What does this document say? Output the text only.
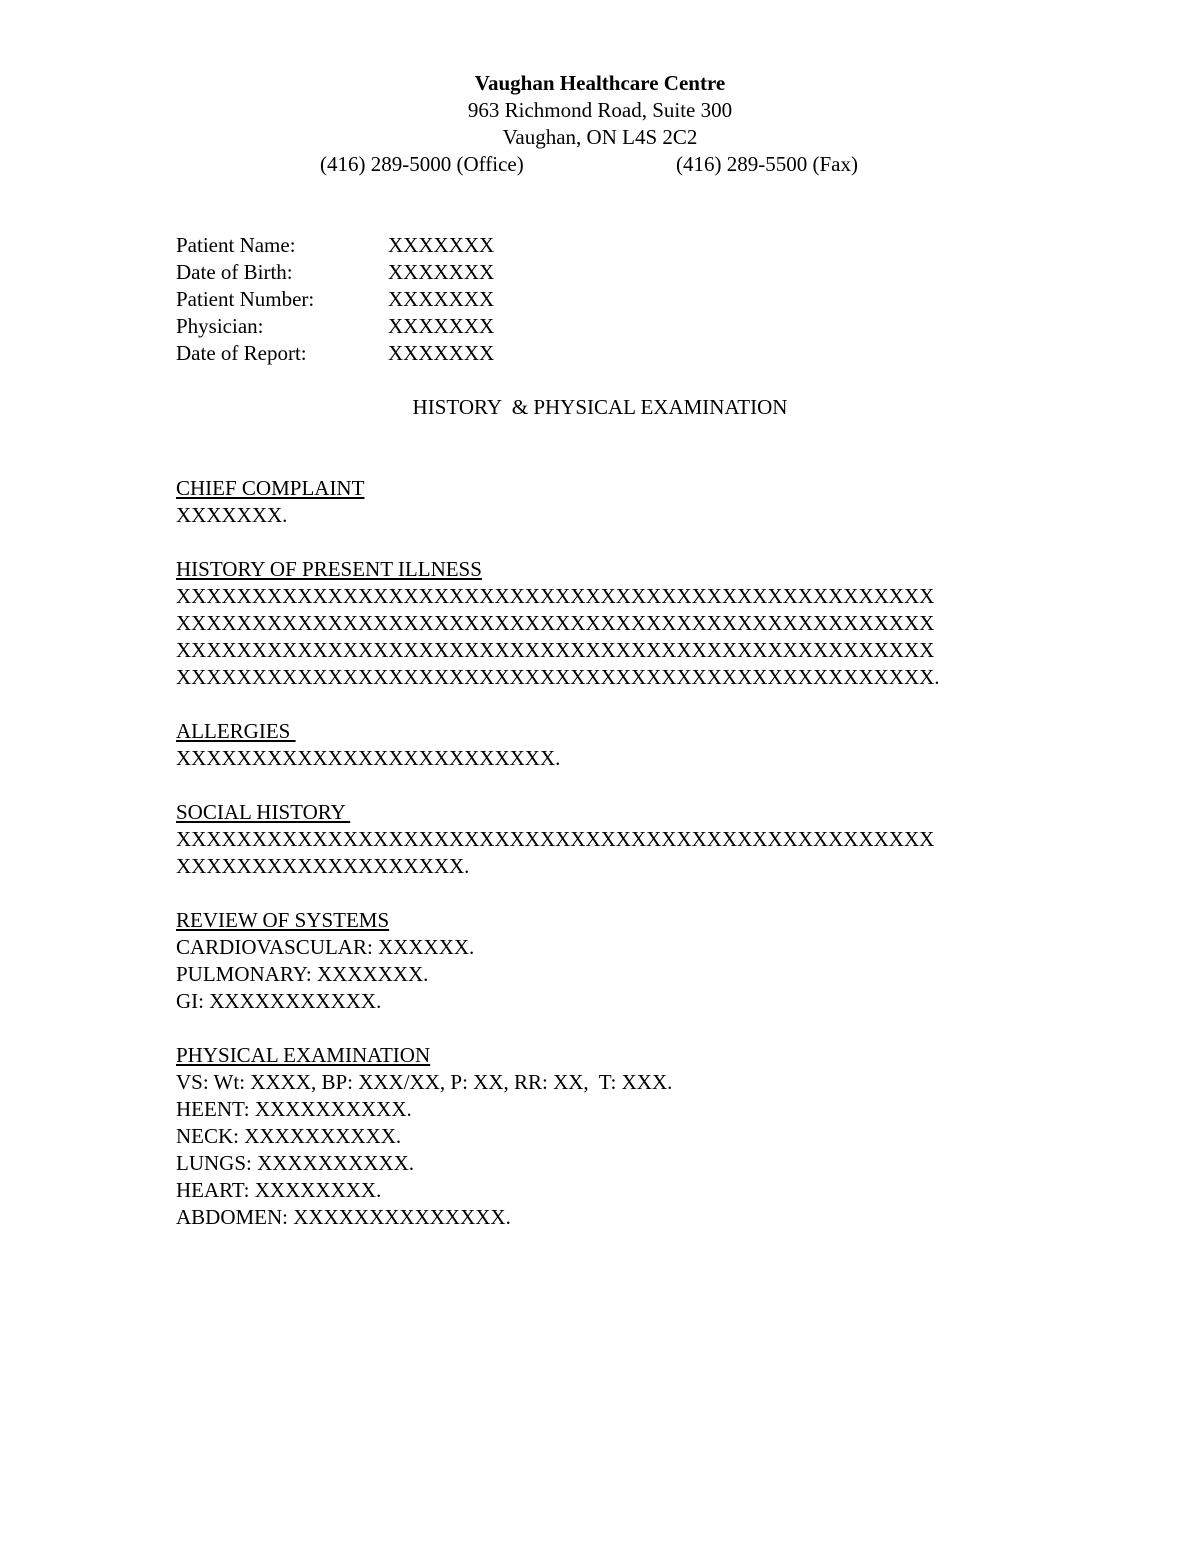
Vaughan Healthcare Centre
963 Richmond Road, Suite 300
Vaughan, ON L4S 2C2
(416) 289-5000 (Office)	(416) 289-5500 (Fax)

Patient Name:

	XXXXXXX

Date of Birth:

	XXXXXXX

Patient Number:

	XXXXXXX

Physician:

	XXXXXXX

Date of Report:

	XXXXXXX

HISTORY  & PHYSICAL EXAMINATION
CHIEF COMPLAINT
XXXXXXX.
HISTORY OF PRESENT ILLNESS
XXXXXXXXXXXXXXXXXXXXXXXXXXXXXXXXXXXXXXXXXXXXXXXXXX
XXXXXXXXXXXXXXXXXXXXXXXXXXXXXXXXXXXXXXXXXXXXXXXXXX
XXXXXXXXXXXXXXXXXXXXXXXXXXXXXXXXXXXXXXXXXXXXXXXXXX
XXXXXXXXXXXXXXXXXXXXXXXXXXXXXXXXXXXXXXXXXXXXXXXXXX.
ALLERGIES
XXXXXXXXXXXXXXXXXXXXXXXXX.
SOCIAL HISTORY
XXXXXXXXXXXXXXXXXXXXXXXXXXXXXXXXXXXXXXXXXXXXXXXXXX
XXXXXXXXXXXXXXXXXXX.
REVIEW OF SYSTEMS
CARDIOVASCULAR: XXXXXX.
PULMONARY: XXXXXXX.
GI: XXXXXXXXXXX.
PHYSICAL EXAMINATION
VS: Wt: XXXX, BP: XXX/XX, P: XX, RR: XX,  T: XXX.
HEENT: XXXXXXXXXX.
NECK: XXXXXXXXXX.
LUNGS: XXXXXXXXXX.
HEART: XXXXXXXX.
ABDOMEN: XXXXXXXXXXXXXX.
